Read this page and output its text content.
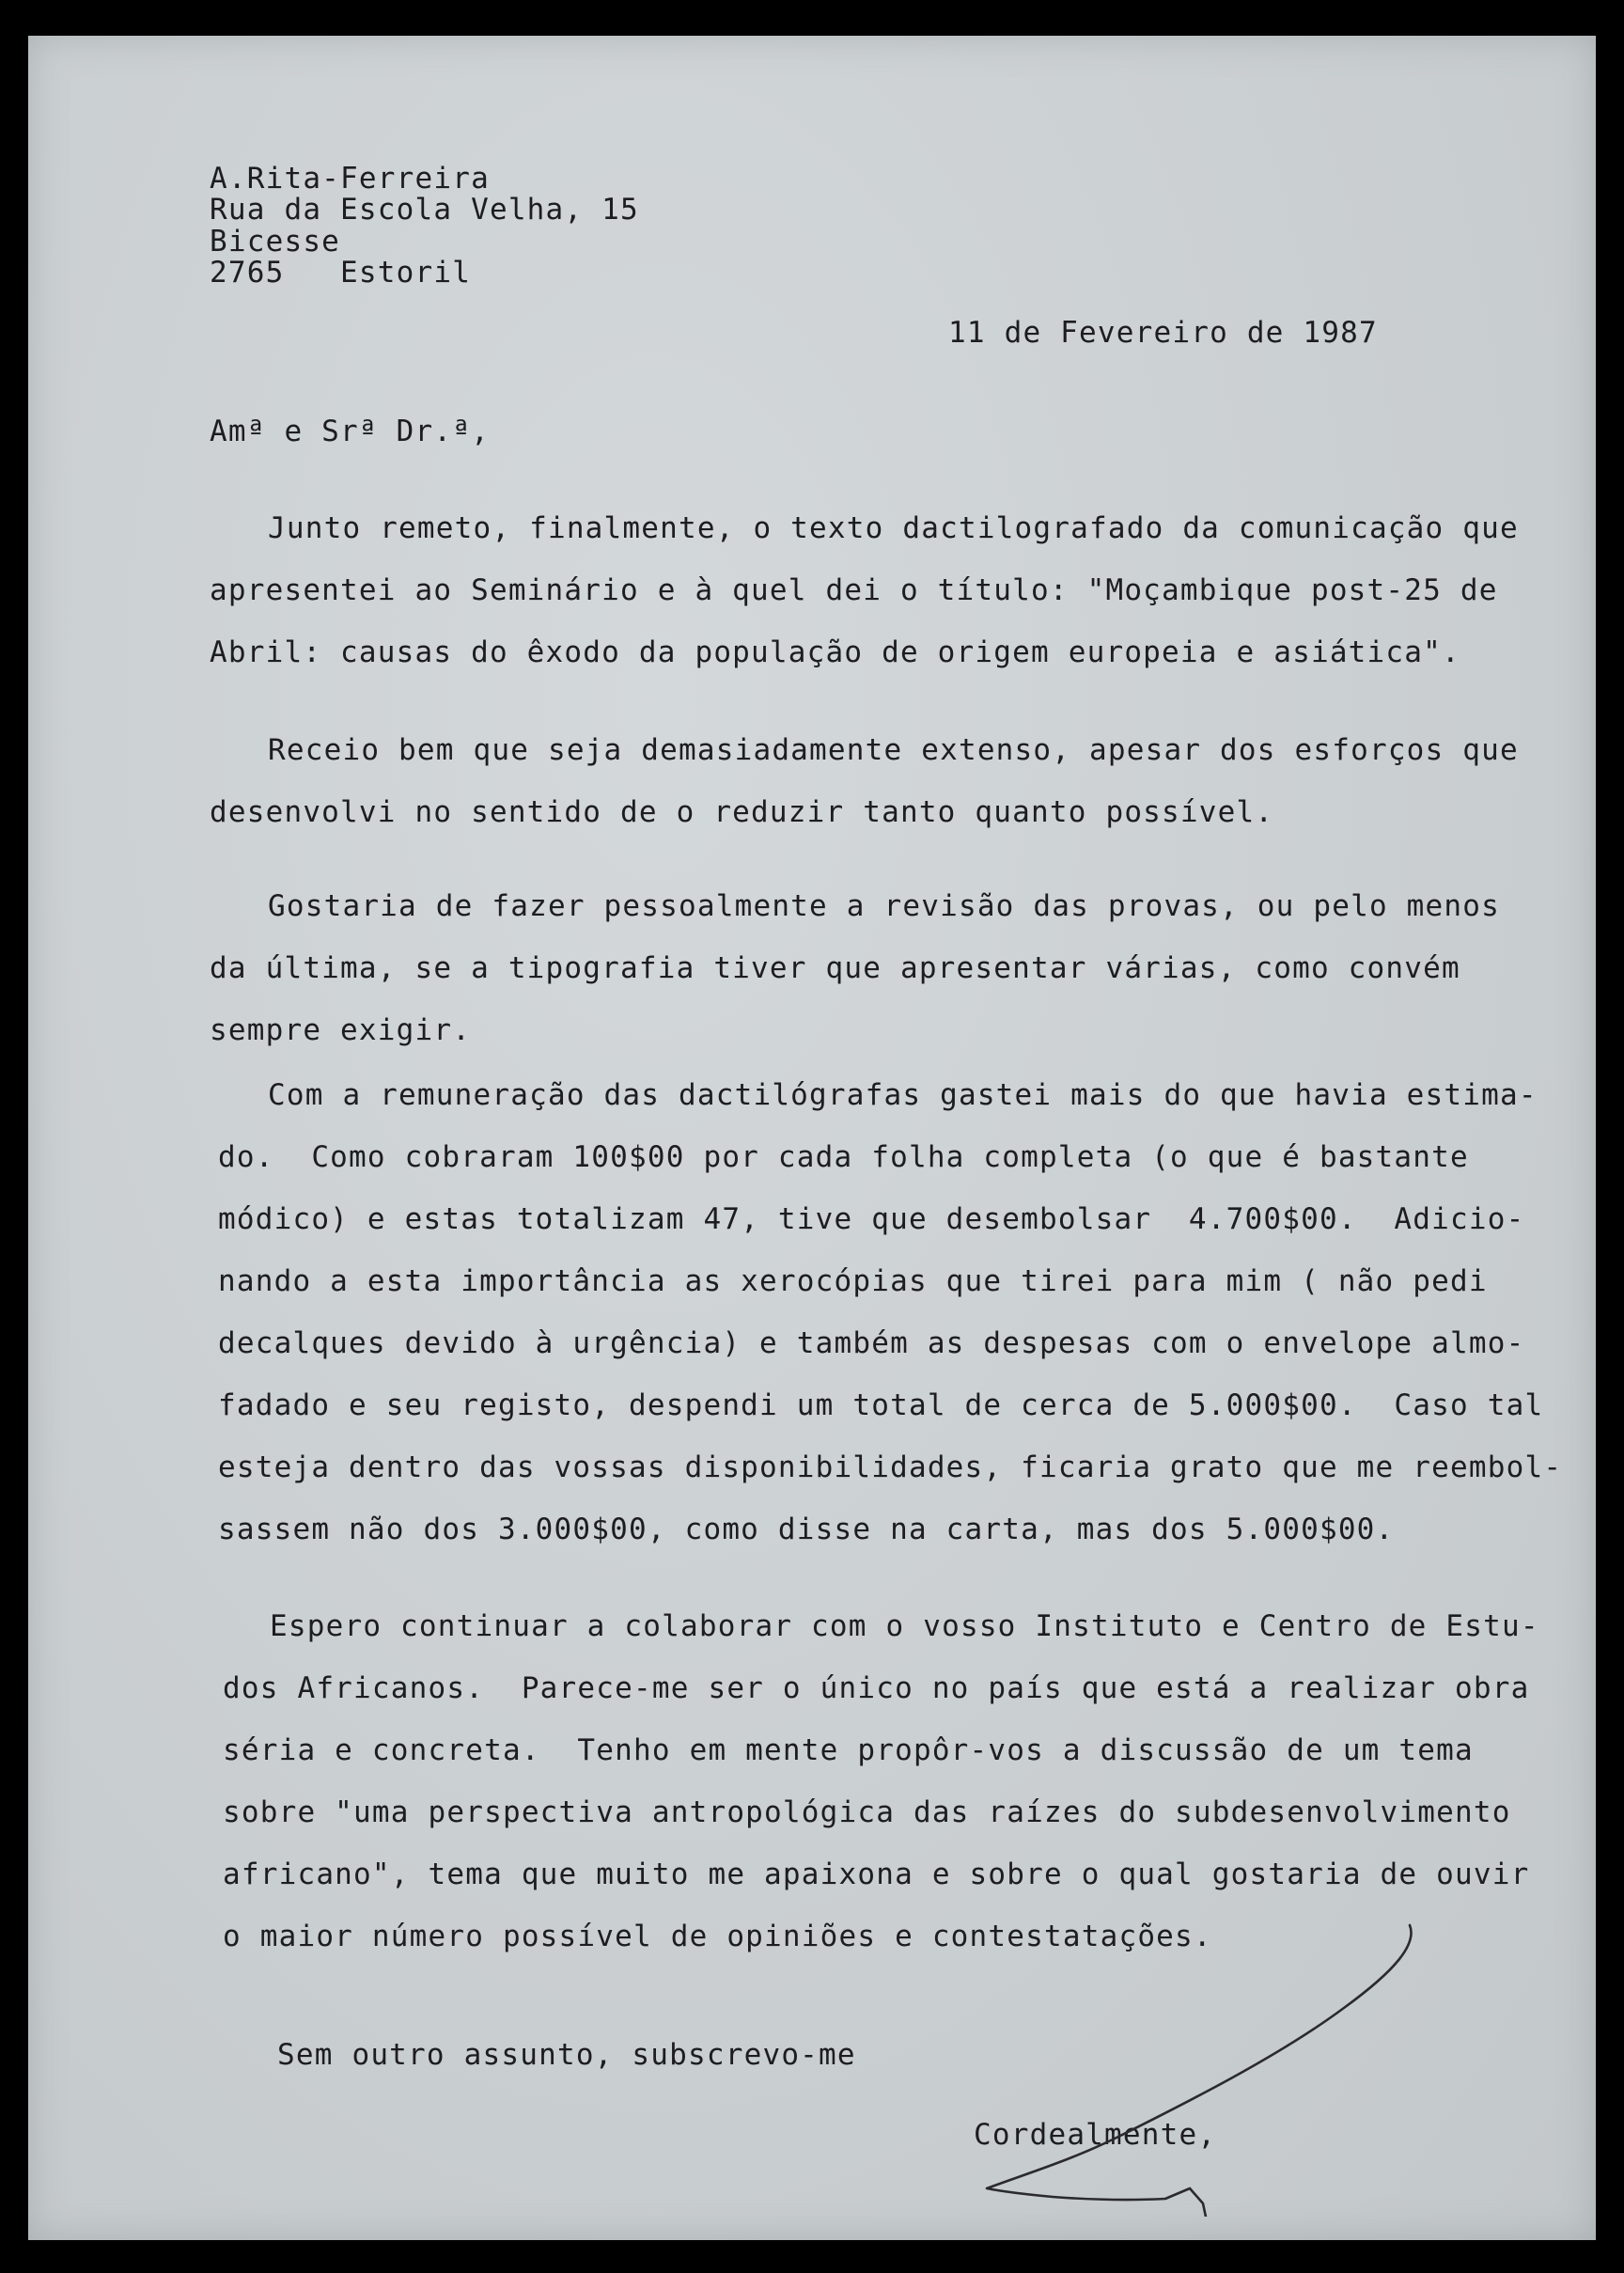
A.Rita-Ferreira
Rua da Escola Velha, 15
Bicesse
2765   Estoril
11 de Fevereiro de 1987
Amª e Srª Dr.ª,
Junto remeto, finalmente, o texto dactilografado da comunicação que
apresentei ao Seminário e à quel dei o título: "Moçambique post-25 de
Abril: causas do êxodo da população de origem europeia e asiática".
Receio bem que seja demasiadamente extenso, apesar dos esforços que
desenvolvi no sentido de o reduzir tanto quanto possível.
Gostaria de fazer pessoalmente a revisão das provas, ou pelo menos
da última, se a tipografia tiver que apresentar várias, como convém
sempre exigir.
Com a remuneração das dactilógrafas gastei mais do que havia estima-
do.  Como cobraram 100$00 por cada folha completa (o que é bastante
módico) e estas totalizam 47, tive que desembolsar  4.700$00.  Adicio-
nando a esta importância as xerocópias que tirei para mim ( não pedi
decalques devido à urgência) e também as despesas com o envelope almo-
fadado e seu registo, despendi um total de cerca de 5.000$00.  Caso tal
esteja dentro das vossas disponibilidades, ficaria grato que me reembol-
sassem não dos 3.000$00, como disse na carta, mas dos 5.000$00.
Espero continuar a colaborar com o vosso Instituto e Centro de Estu-
dos Africanos.  Parece-me ser o único no país que está a realizar obra
séria e concreta.  Tenho em mente propôr-vos a discussão de um tema
sobre "uma perspectiva antropológica das raízes do subdesenvolvimento
africano", tema que muito me apaixona e sobre o qual gostaria de ouvir
o maior número possível de opiniões e contestatações.
Sem outro assunto, subscrevo-me
Cordealmente,
